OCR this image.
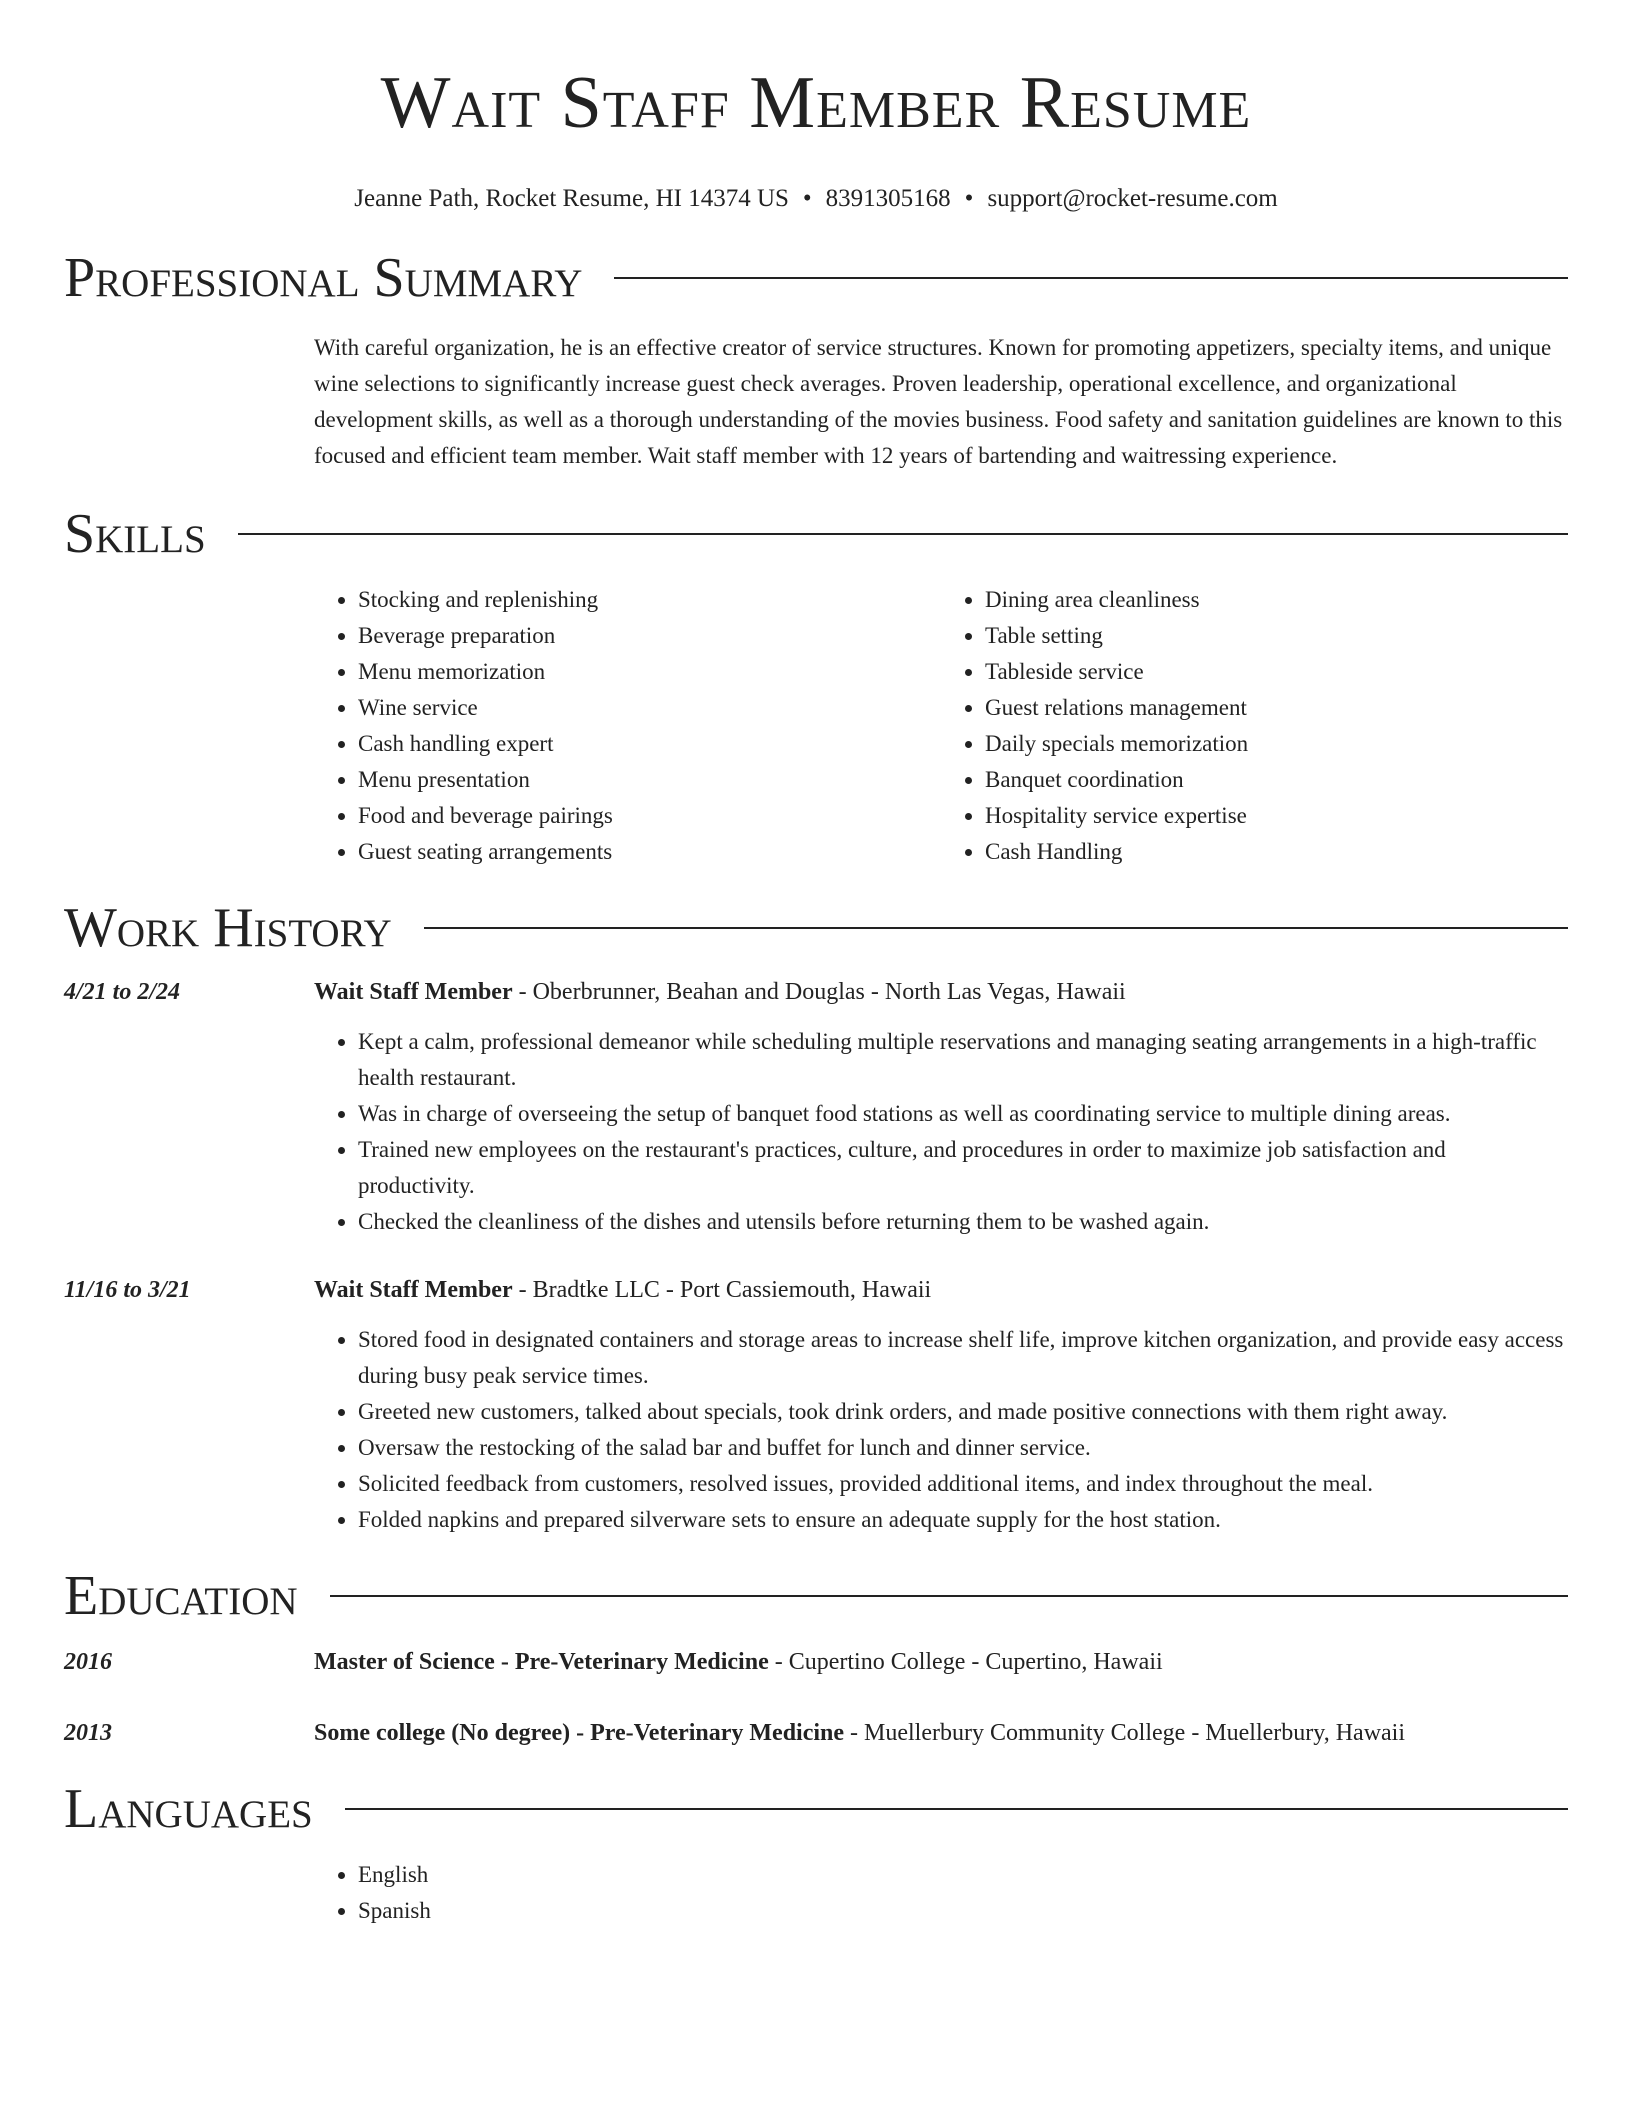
Wait Staff Member Resume
Jeanne Path, Rocket Resume, HI 14374 US • 8391305168 • support@rocket-resume.com
Professional Summary

With careful organization, he is an effective creator of service structures. Known for promoting appetizers, specialty items, and unique wine selections to significantly increase guest check averages. Proven leadership, operational excellence, and organizational development skills, as well as a thorough understanding of the movies business. Food safety and sanitation guidelines are known to this focused and efficient team member. Wait staff member with 12 years of bartending and waitressing experience.

Skills
• Stocking and replenishing
• Beverage preparation
• Menu memorization
• Wine service
• Cash handling expert
• Menu presentation
• Food and beverage pairings
• Guest seating arrangements
• Dining area cleanliness
• Table setting
• Tableside service
• Guest relations management
• Daily specials memorization
• Banquet coordination
• Hospitality service expertise
• Cash Handling
Work History
4/21 to 2/24	Wait Staff Member - Oberbrunner, Beahan and Douglas - North Las Vegas, Hawaii
• Kept a calm, professional demeanor while scheduling multiple reservations and managing seating arrangements in a high-traffic health restaurant.
• Was in charge of overseeing the setup of banquet food stations as well as coordinating service to multiple dining areas.
• Trained new employees on the restaurant's practices, culture, and procedures in order to maximize job satisfaction and productivity.
• Checked the cleanliness of the dishes and utensils before returning them to be washed again.
11/16 to 3/21	Wait Staff Member - Bradtke LLC - Port Cassiemouth, Hawaii
• Stored food in designated containers and storage areas to increase shelf life, improve kitchen organization, and provide easy access during busy peak service times.
• Greeted new customers, talked about specials, took drink orders, and made positive connections with them right away.
• Oversaw the restocking of the salad bar and buffet for lunch and dinner service.
• Solicited feedback from customers, resolved issues, provided additional items, and index throughout the meal.
• Folded napkins and prepared silverware sets to ensure an adequate supply for the host station.
Education
2016	Master of Science - Pre-Veterinary Medicine - Cupertino College - Cupertino, Hawaii
2013	Some college (No degree) - Pre-Veterinary Medicine - Muellerbury Community College - Muellerbury, Hawaii
Languages
• English
• Spanish
